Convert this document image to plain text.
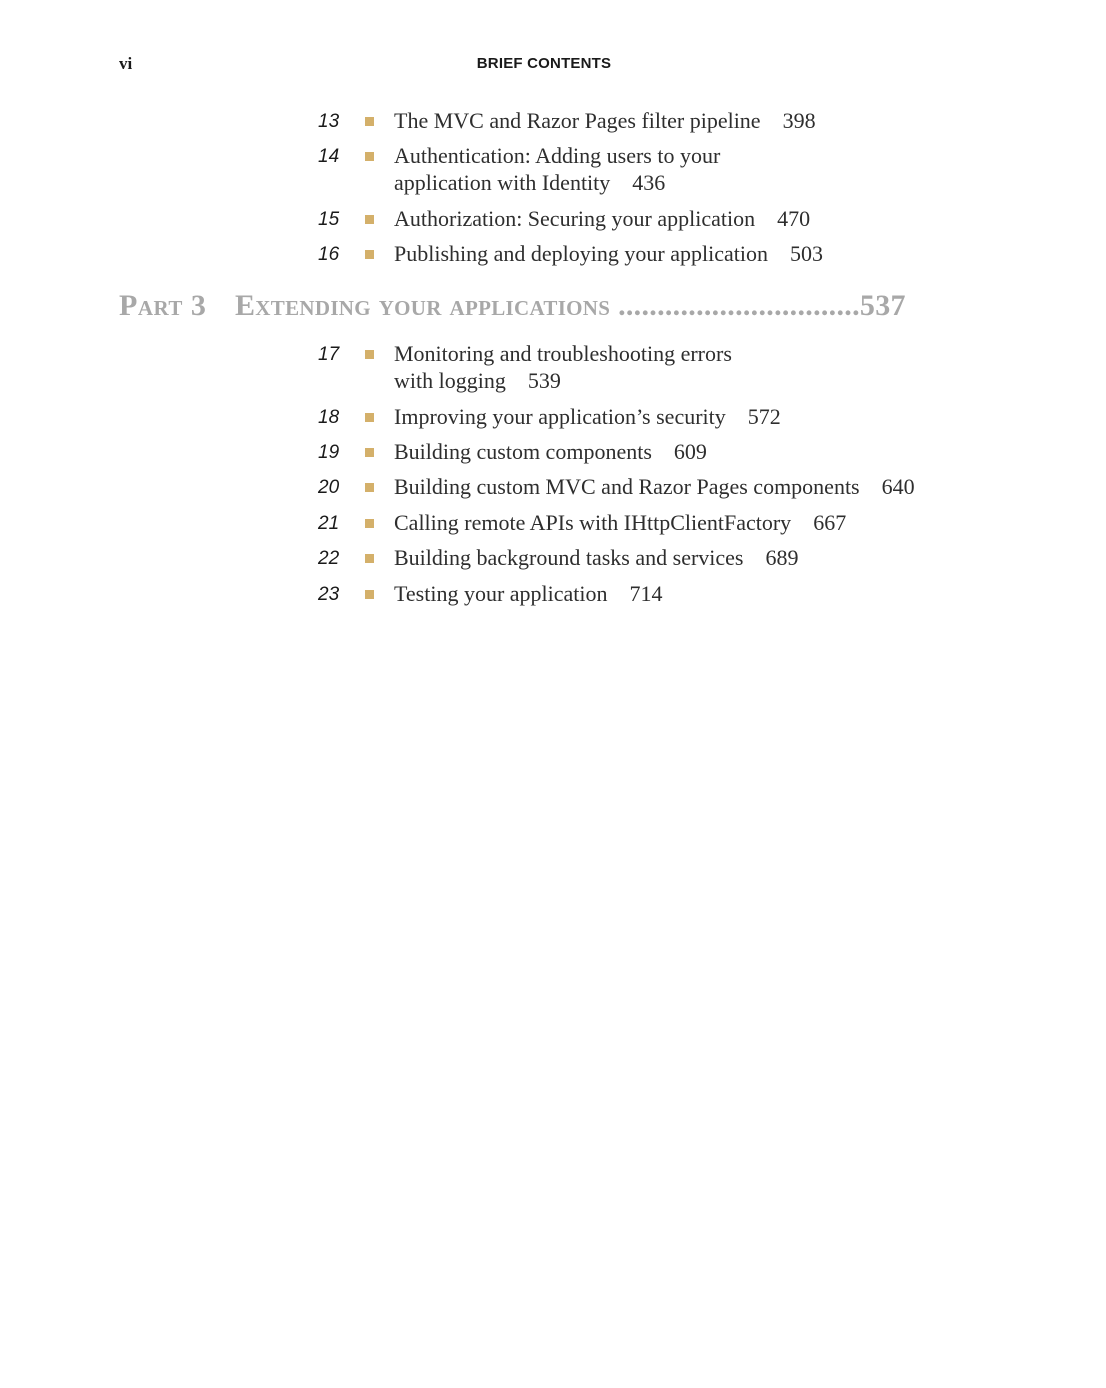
vi	BRIEF CONTENTS
13	The MVC and Razor Pages filter pipeline 398
14	Authentication: Adding users to your
application with Identity 436
15	Authorization: Securing your application 470
16	Publishing and deploying your application 503
Part 3 Extending your applications ...............................537
17	Monitoring and troubleshooting errors
with logging 539
18	Improving your application’s security 572
19	Building custom components 609
20	Building custom MVC and Razor Pages components 640
21	Calling remote APIs with IHttpClientFactory 667
22	Building background tasks and services 689
23	Testing your application 714
